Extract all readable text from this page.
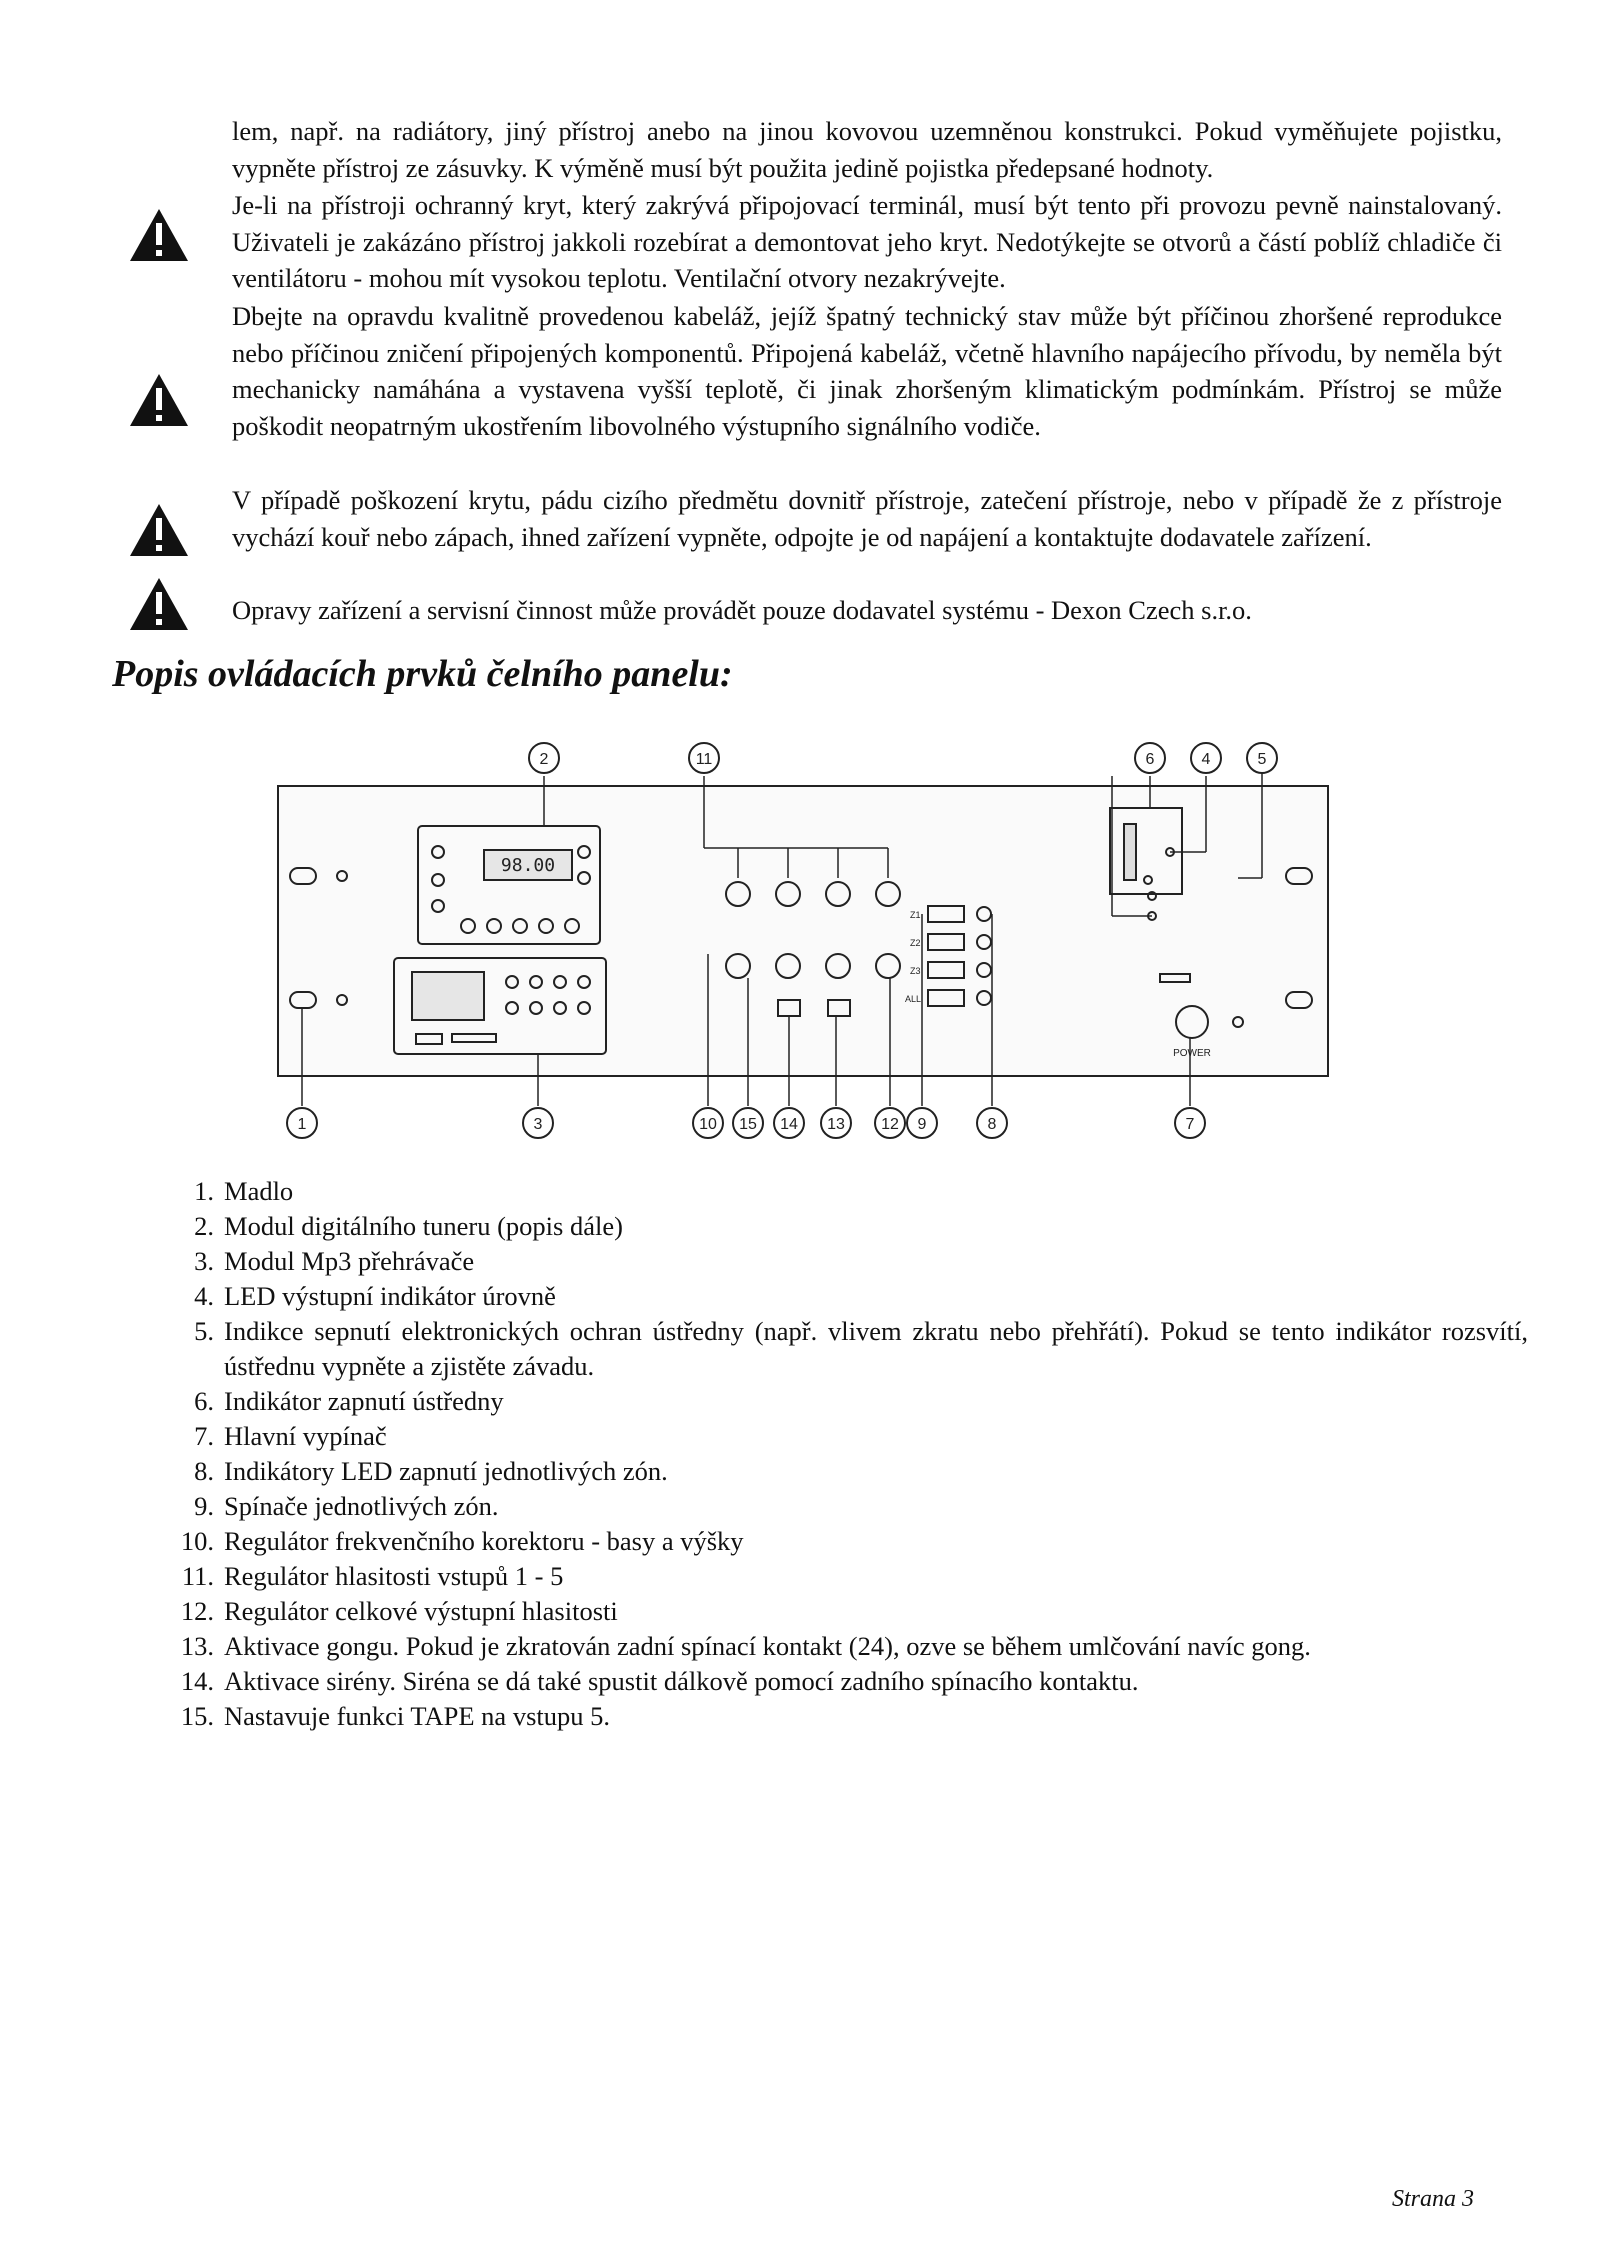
lem, např. na radiátory, jiný přístroj anebo na jinou kovovou uzemněnou konstrukci. Pokud vyměňujete pojistku, vypněte přístroj ze zásuvky. K výměně musí být použita jedině pojistka předepsané hodnoty.

Je-li na přístroji ochranný kryt, který zakrývá připojovací terminál, musí být tento při provozu pevně nainstalovaný. Uživateli je zakázáno přístroj jakkoli rozebírat a demontovat jeho kryt. Nedotýkejte se otvorů a částí poblíž chladiče či ventilátoru - mohou mít vysokou teplotu. Ventilační otvory nezakrývejte.

Dbejte na opravdu kvalitně provedenou kabeláž, jejíž špatný technický stav může být příčinou zhoršené reprodukce nebo příčinou zničení připojených komponentů. Připojená kabeláž, včetně hlavního napájecího přívodu, by neměla být mechanicky namáhána a vystavena vyšší teplotě, či jinak zhoršeným klimatickým podmínkám. Přístroj se může poškodit neopatrným ukostřením libovolného výstupního signálního vodiče.

V případě poškození krytu, pádu cizího předmětu dovnitř přístroje, zatečení přístroje, nebo v případě že z přístroje vychází kouř nebo zápach, ihned zařízení vypněte, odpojte je od napájení a kontaktujte dodavatele zařízení.

Opravy zařízení a servisní činnost může provádět pouze dodavatel systému - Dexon Czech s.r.o.

Popis ovládacích prvků čelního panelu:
98.00
Z1
Z2
Z3
ALL
POWER
2	11	6	4	5
1	3	10 15 14 13 12 9	8	7
1. Madlo
2. Modul digitálního tuneru (popis dále)
3. Modul Mp3 přehrávače
4. LED výstupní indikátor úrovně
5. Indikce sepnutí elektronických ochran ústředny (např. vlivem zkratu nebo přehřátí). Pokud se tento indikátor rozsvítí, ústřednu vypněte a zjistěte závadu.
6. Indikátor zapnutí ústředny
7. Hlavní vypínač
8. Indikátory LED zapnutí jednotlivých zón.
9. Spínače jednotlivých zón.
10. Regulátor frekvenčního korektoru - basy a výšky
11. Regulátor hlasitosti vstupů 1 - 5
12. Regulátor celkové výstupní hlasitosti
13. Aktivace gongu. Pokud je zkratován zadní spínací kontakt (24), ozve se během umlčování navíc gong.
14. Aktivace sirény. Siréna se dá také spustit dálkově pomocí zadního spínacího kontaktu.
15. Nastavuje funkci TAPE na vstupu 5.
Strana 3
